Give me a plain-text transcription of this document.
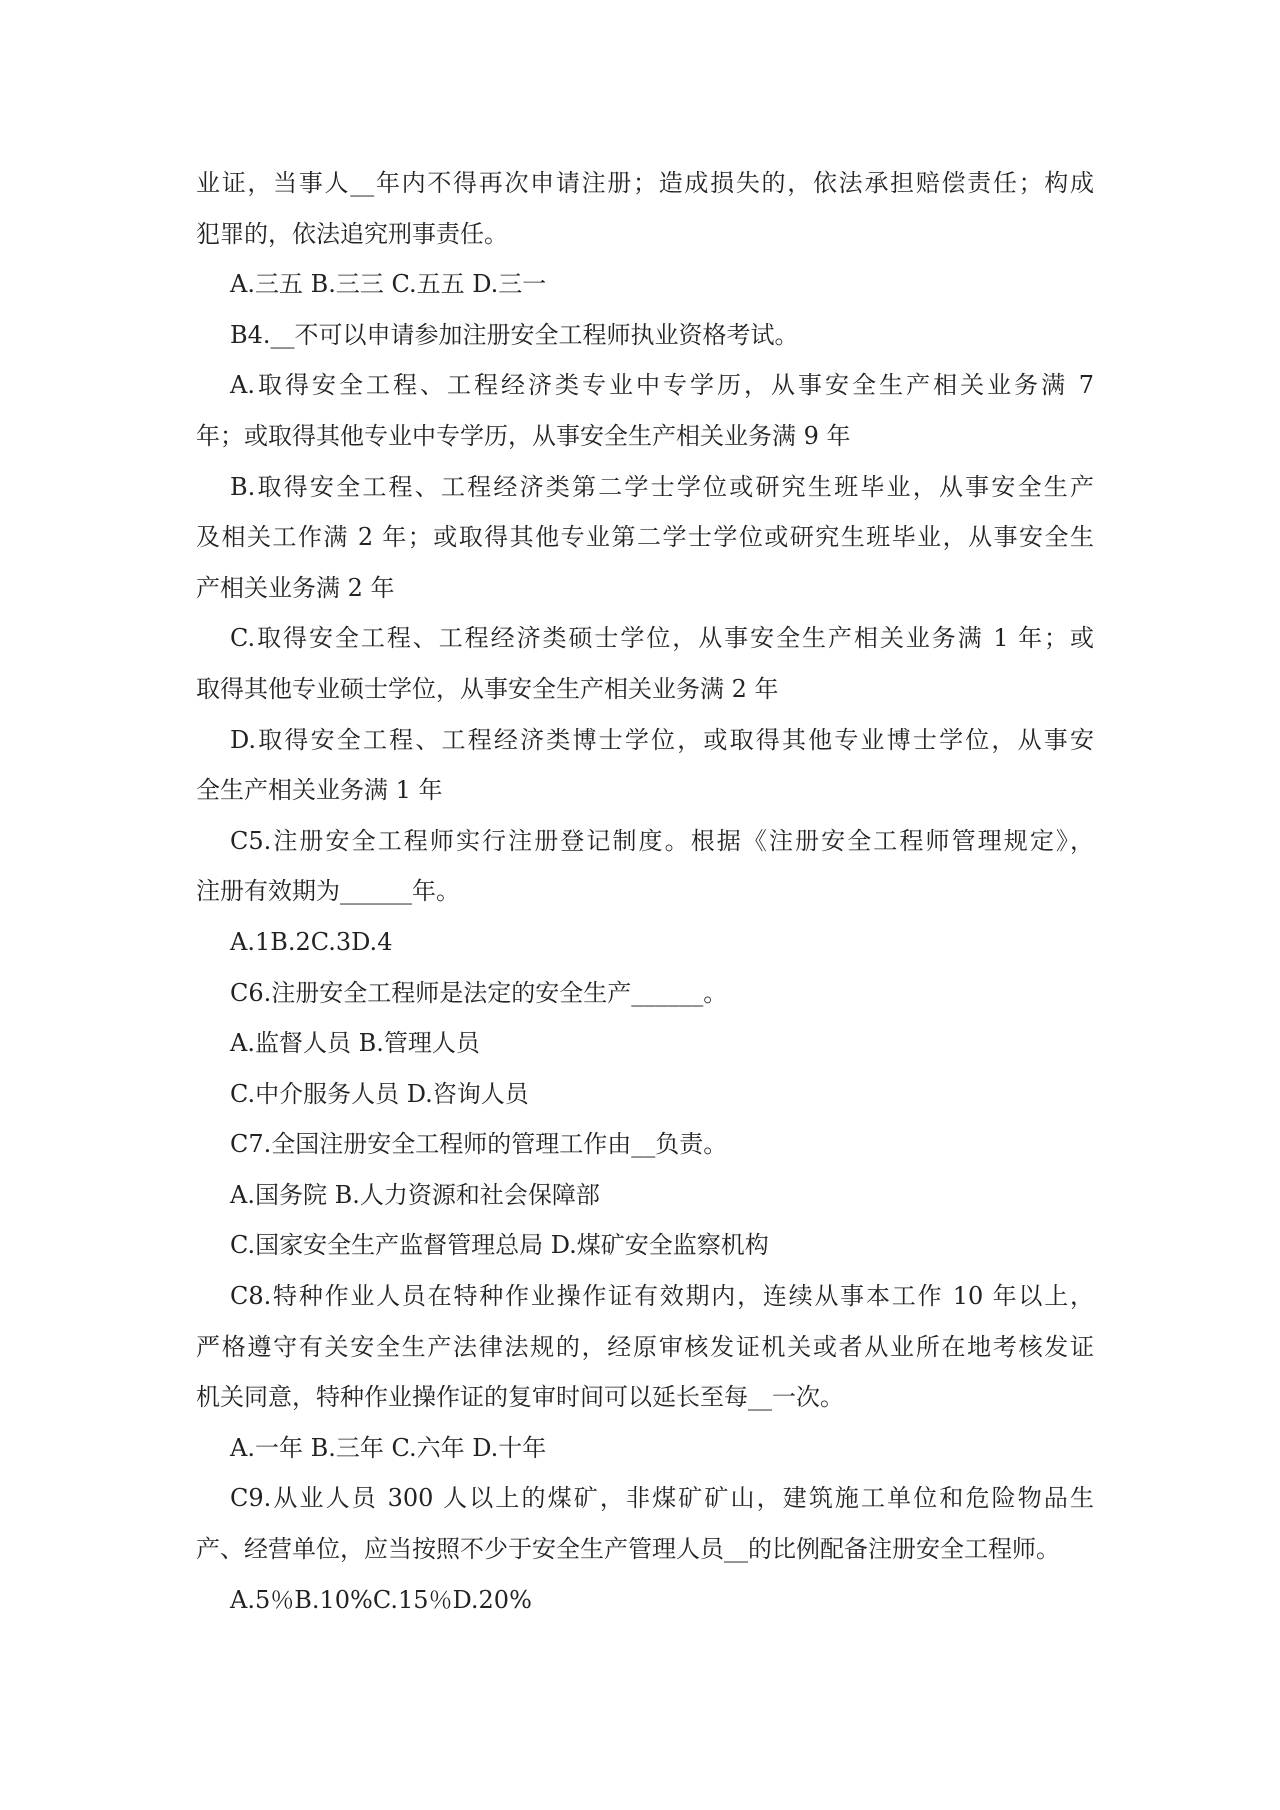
业证，当事人__年内不得再次申请注册；造成损失的，依法承担赔偿责任；构成
犯罪的，依法追究刑事责任。
A.三五 B.三三 C.五五 D.三一
B4.__不可以申请参加注册安全工程师执业资格考试。
A.取得安全工程、工程经济类专业中专学历，从事安全生产相关业务满 7
年；或取得其他专业中专学历，从事安全生产相关业务满 9 年
B.取得安全工程、工程经济类第二学士学位或研究生班毕业，从事安全生产
及相关工作满 2 年；或取得其他专业第二学士学位或研究生班毕业，从事安全生
产相关业务满 2 年
C.取得安全工程、工程经济类硕士学位，从事安全生产相关业务满 1 年；或
取得其他专业硕士学位，从事安全生产相关业务满 2 年
D.取得安全工程、工程经济类博士学位，或取得其他专业博士学位，从事安
全生产相关业务满 1 年
C5.注册安全工程师实行注册登记制度。根据《注册安全工程师管理规定》，
注册有效期为______年。
A.1B.2C.3D.4
C6.注册安全工程师是法定的安全生产______。
A.监督人员 B.管理人员
C.中介服务人员 D.咨询人员
C7.全国注册安全工程师的管理工作由__负责。
A.国务院 B.人力资源和社会保障部
C.国家安全生产监督管理总局 D.煤矿安全监察机构
C8.特种作业人员在特种作业操作证有效期内，连续从事本工作 10 年以上，
严格遵守有关安全生产法律法规的，经原审核发证机关或者从业所在地考核发证
机关同意，特种作业操作证的复审时间可以延长至每__一次。
A.一年 B.三年 C.六年 D.十年
C9.从业人员 300 人以上的煤矿，非煤矿矿山，建筑施工单位和危险物品生
产、经营单位，应当按照不少于安全生产管理人员__的比例配备注册安全工程师。
A.5％B.10%C.15％D.20%
